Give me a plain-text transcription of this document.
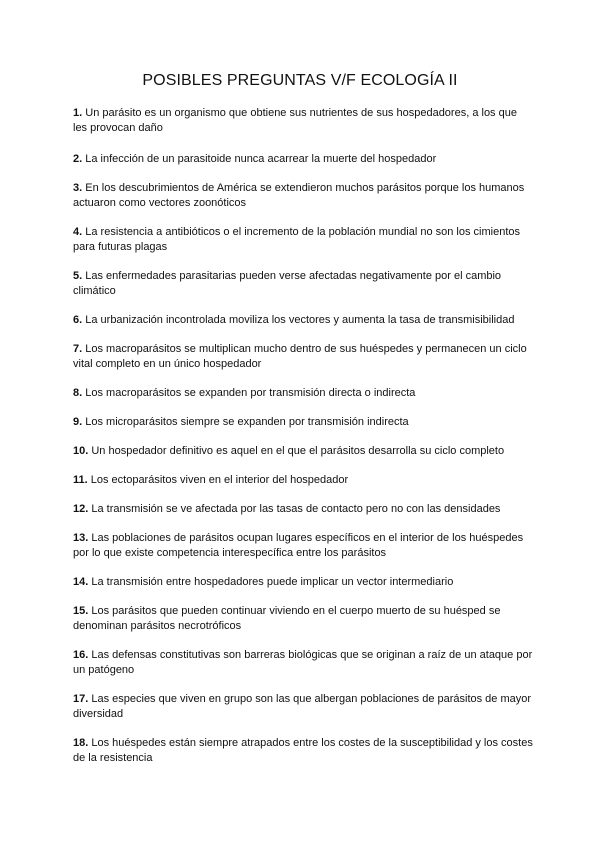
POSIBLES PREGUNTAS V/F ECOLOGÍA II
1. Un parásito es un organismo que obtiene sus nutrientes de sus hospedadores, a los que les provocan daño
2. La infección de un parasitoide nunca acarrear la muerte del hospedador
3. En los descubrimientos de América se extendieron muchos parásitos porque los humanos actuaron como vectores zoonóticos
4. La resistencia a antibióticos o el incremento de la población mundial no son los cimientos para futuras plagas
5. Las enfermedades parasitarias pueden verse afectadas negativamente por el cambio climático
6. La urbanización incontrolada moviliza los vectores y aumenta la tasa de transmisibilidad
7. Los macroparásitos se multiplican mucho dentro de sus huéspedes y permanecen un ciclo vital completo en un único hospedador
8. Los macroparásitos se expanden por transmisión directa o indirecta
9. Los microparásitos siempre se expanden por transmisión indirecta
10. Un hospedador definitivo es aquel en el que el parásitos desarrolla su ciclo completo
11. Los ectoparásitos viven en el interior del hospedador
12. La transmisión se ve afectada por las tasas de contacto pero no con las densidades
13. Las poblaciones de parásitos ocupan lugares específicos en el interior de los huéspedes por lo que existe competencia interespecífica entre los parásitos
14. La transmisión entre hospedadores puede implicar un vector intermediario
15. Los parásitos que pueden continuar viviendo en el cuerpo muerto de su huésped se denominan parásitos necrotróficos
16. Las defensas constitutivas son barreras biológicas que se originan a raíz de un ataque por un patógeno
17. Las especies que viven en grupo son las que albergan poblaciones de parásitos de mayor diversidad
18. Los huéspedes están siempre atrapados entre los costes de la susceptibilidad y los costes de la resistencia
